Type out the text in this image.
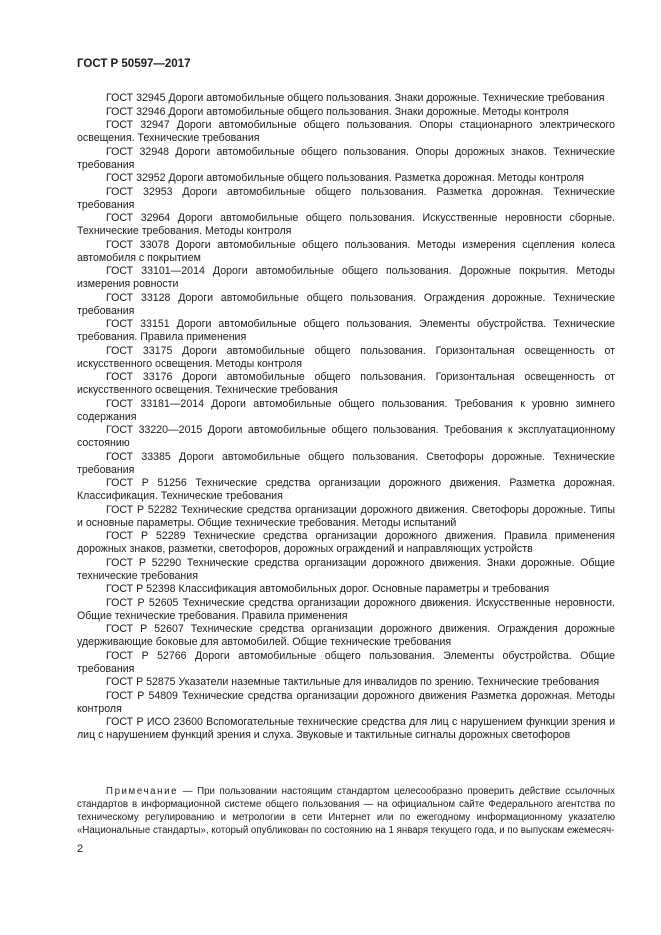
ГОСТ Р 50597—2017

ГОСТ 32945 Дороги автомобильные общего пользования. Знаки дорожные. Технические требования

ГОСТ 32946 Дороги автомобильные общего пользования. Знаки дорожные. Методы контроля

ГОСТ 32947 Дороги автомобильные общего пользования. Опоры стационарного электрического освещения. Технические требования

ГОСТ 32948 Дороги автомобильные общего пользования. Опоры дорожных знаков. Технические требования

ГОСТ 32952 Дороги автомобильные общего пользования. Разметка дорожная. Методы контроля

ГОСТ 32953 Дороги автомобильные общего пользования. Разметка дорожная. Технические требования

ГОСТ 32964 Дороги автомобильные общего пользования. Искусственные неровности сборные. Технические требования. Методы контроля

ГОСТ 33078 Дороги автомобильные общего пользования. Методы измерения сцепления колеса автомобиля с покрытием

ГОСТ 33101—2014 Дороги автомобильные общего пользования. Дорожные покрытия. Методы измерения ровности

ГОСТ 33128 Дороги автомобильные общего пользования. Ограждения дорожные. Технические требования

ГОСТ 33151 Дороги автомобильные общего пользования. Элементы обустройства. Технические требования. Правила применения

ГОСТ 33175 Дороги автомобильные общего пользования. Горизонтальная освещенность от искусственного освещения. Методы контроля

ГОСТ 33176 Дороги автомобильные общего пользования. Горизонтальная освещенность от искусственного освещения. Технические требования

ГОСТ 33181—2014 Дороги автомобильные общего пользования. Требования к уровню зимнего содержания

ГОСТ 33220—2015 Дороги автомобильные общего пользования. Требования к эксплуатационному состоянию

ГОСТ 33385 Дороги автомобильные общего пользования. Светофоры дорожные. Технические требования

ГОСТ Р 51256 Технические средства организации дорожного движения. Разметка дорожная. Классификация. Технические требования

ГОСТ Р 52282 Технические средства организации дорожного движения. Светофоры дорожные. Типы и основные параметры. Общие технические требования. Методы испытаний

ГОСТ Р 52289 Технические средства организации дорожного движения. Правила применения дорожных знаков, разметки, светофоров, дорожных ограждений и направляющих устройств

ГОСТ Р 52290 Технические средства организации дорожного движения. Знаки дорожные. Общие технические требования

ГОСТ Р 52398 Классификация автомобильных дорог. Основные параметры и требования

ГОСТ Р 52605 Технические средства организации дорожного движения. Искусственные неровности. Общие технические требования. Правила применения

ГОСТ Р 52607 Технические средства организации дорожного движения. Ограждения дорожные удерживающие боковые для автомобилей. Общие технические требования

ГОСТ Р 52766 Дороги автомобильные общего пользования. Элементы обустройства. Общие требования

ГОСТ Р 52875 Указатели наземные тактильные для инвалидов по зрению. Технические требования

ГОСТ Р 54809 Технические средства организации дорожного движения Разметка дорожная. Методы контроля

ГОСТ Р ИСО 23600 Вспомогательные технические средства для лиц с нарушением функции зрения и лиц с нарушением функций зрения и слуха. Звуковые и тактильные сигналы дорожных светофоров

Примечание — При пользовании настоящим стандартом целесообразно проверить действие ссылочных стандартов в информационной системе общего пользования — на официальном сайте Федерального агентства по техническому регулированию и метрологии в сети Интернет или по ежегодному информационному указателю «Национальные стандарты», который опубликован по состоянию на 1 января текущего года, и по выпускам ежемесяч-

2
